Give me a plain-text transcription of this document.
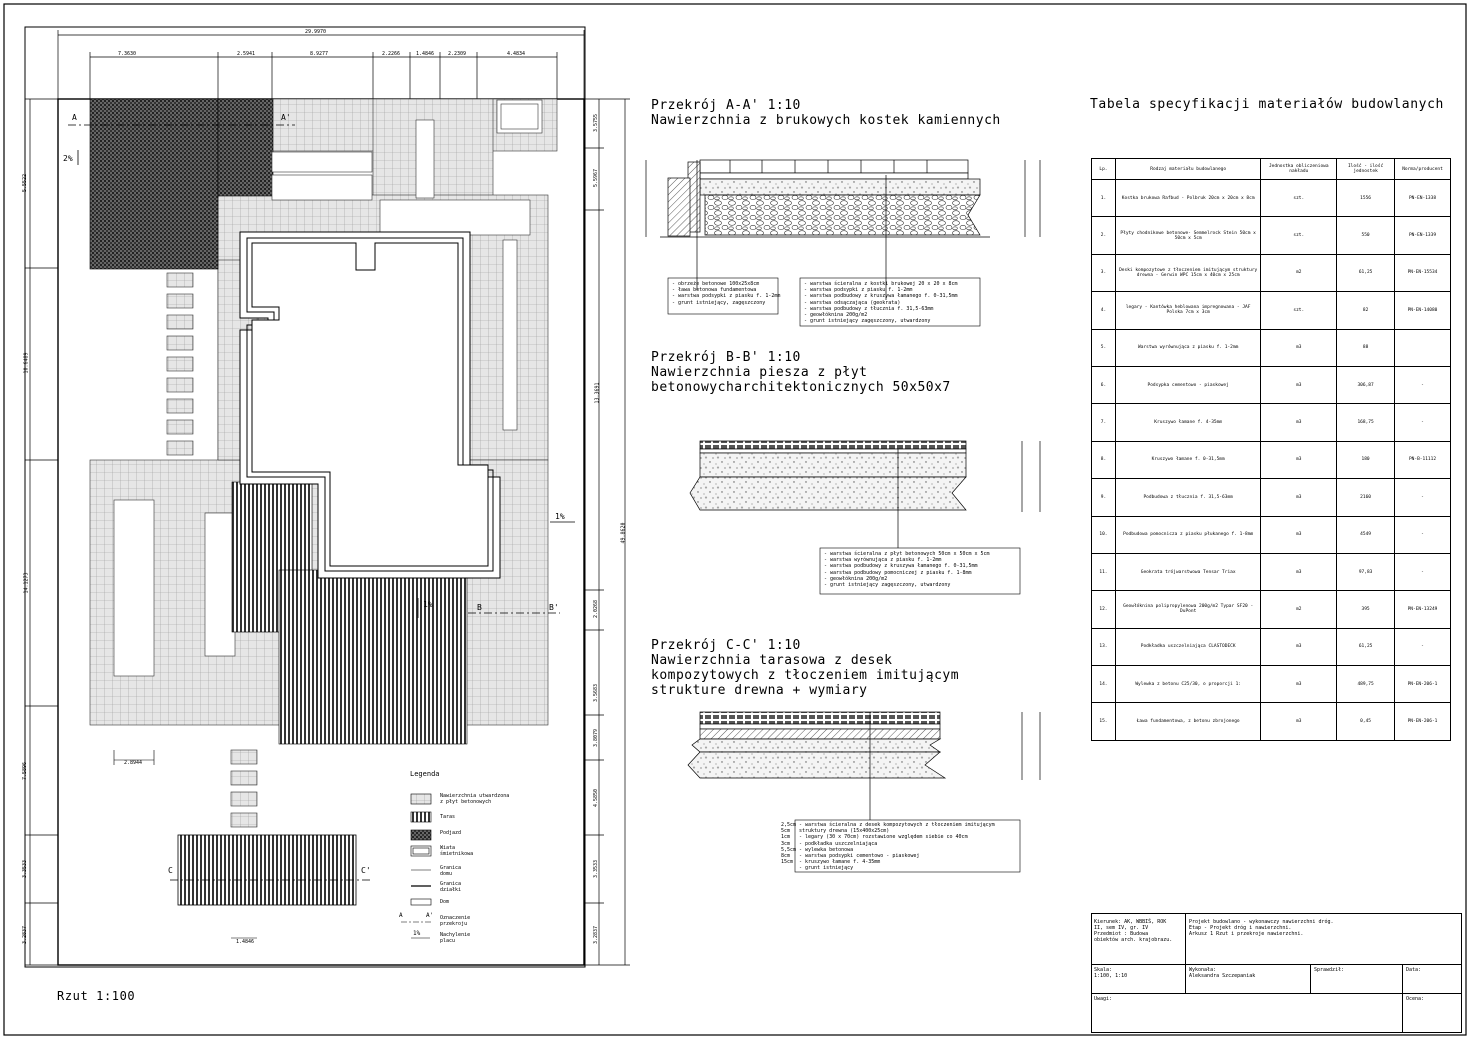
Rzut 1:100
29.9970
7.3630	2.5941	8.9277	2.2266	1.4846	2.2309	4.4834
5.5522
10.6489
14.1273
7.5896
3.3533
3.2837
3.5755
5.5967
13.3691
2.0268
3.5683
3.8079
4.5850
3.3533
3.2837
49.8620
2.8944
1.4846
2%
1%
1%
A	A'
B	B'
C	C'
Legenda
Nawierzchnia utwardzona z płyt betonowych
Taras
Podjazd
Wiata śmietnikowa
Granica domu
Granica działki
Dom
Oznaczenie przekroju
Nachylenie placu
A	A'
1%
Przekrój A-A' 1:10
Nawierzchnia z brukowych kostek kamiennych
Przekrój B-B' 1:10
Nawierzchnia piesza z płyt
betonowycharchitektonicznych 50x50x7
Przekrój C-C' 1:10
Nawierzchnia tarasowa z desek
kompozytowych z tłoczeniem imitującym
strukture drewna + wymiary
- obrzeże betonowe 100x25x8cm
- ława betonowa fundamentowa
- warstwa podsypki z piasku f. 1-2mm
- grunt istniejący, zagęszczony
- warstwa ścieralna z kostki brukowej 20 x 20 x 8cm
- warstwa podsypki z piasku f. 1-2mm
- warstwa podbudowy z kruszywa łamanego f. 0-31,5mm
- warstwa odsączająca (geokrata)
- warstwa podbudowy z tłucznia f. 31,5-63mm
- geowłóknina 200g/m2
- grunt istniejący zagęszczony, utwardzony
- warstwa ścieralna z płyt betonowych 50cm x 50cm x 5cm
- warstwa wyrównująca z piasku f. 1-2mm
- warstwa podbudowy z kruszywa łamanego f. 0-31,5mm
- warstwa podbudowy pomocniczej z piasku f. 1-8mm
- geowłóknina 200g/m2
- grunt istniejący zagęszczony, utwardzony
2,5cm
5cm
1cm
3cm
5,5cm
8cm
15cm
- warstwa ścieralna z desek kompozytowych z tłoczeniem imitującym
struktury drewna (15x400x25cm)
- legary (30 x 70cm) rozstawione względem siebie co 40cm
- podkładka uszczelniająca
- wylewka betonowa
- warstwa podsypki cementowo - piaskowej
- kruszywo łamane f. 4-35mm
- grunt istniejący
Tabela specyfikacji materiałów budowlanych
Lp.	Rodzaj materiału budowlanego	Jednostka obliczeniowa nakładu	Ilość - ilość jednostek	Norma/producent
1.	Kostka brukowa Rafbud - Polbruk 20cm x 20cm x 8cm	szt.	1556	PN-EN-1338
2.	Płyty chodnikowe betonowe- Semmelrock Stein 50cm x 50cm x 5cm	szt.	550	PN-EN-1339
3.	Deski kompozytowe z tłoczeniem imitującym struktury drewna - Gerwin WPC 15cm x 40cm x 25cm	m2	61,25	PN-EN-15534
4.	legary - Kantówka heblowana impregnowana - JAF Polska 7cm x 3cm	szt.	82	PN-EN-14080
5.	Warstwa wyrównująca z piasku f. 1-2mm	m3	88	
6.	Podsypka cementowo - piaskowej	m3	306,87	-
7.	Kruszywo łamane f. 4-35mm	m3	168,75	-
8.	Kruszywo łamane f. 0-31,5mm	m3	180	PN-B-11112
9.	Podbudowa z tłucznia f. 31,5-63mm	m3	2160	-
10.	Podbudowa pomocnicza z piasku płukanego f. 1-8mm	m3	4549	-
11.	Geokrata trójwarstwowa Tensar Triax	m3	97,83	-
12.	Geowłóknina polipropylenowa 200g/m2 Typar SF20 - DuPont	m2	395	PN-EN-13249
13.	Podkładka uszczelniająca CLASTODECK	m3	61,25	-
14.	Wylewka z betonu C25/30, o proporcji 1:	m3	489,75	PN-EN-206-1
15.	Ława fundamentowa, z betonu zbrojonego	m3	0,45	PN-EN-206-1
Kierunek: AK, WBBIŚ, ROK II, sem IV, gr. IV Przedmiot : Budowa obiektów arch. krajobrazu.
Projekt budowlano - wykonawczy nawierzchni dróg.
Etap - Projekt dróg i nawierzchni.
Arkusz 1 Rzut i przekroje nawierzchni.
Skala:
1:100, 1:10
Wykonała:
Aleksandra Szczepaniak
Sprawdził:	Data:
Uwagi:	Ocena:
